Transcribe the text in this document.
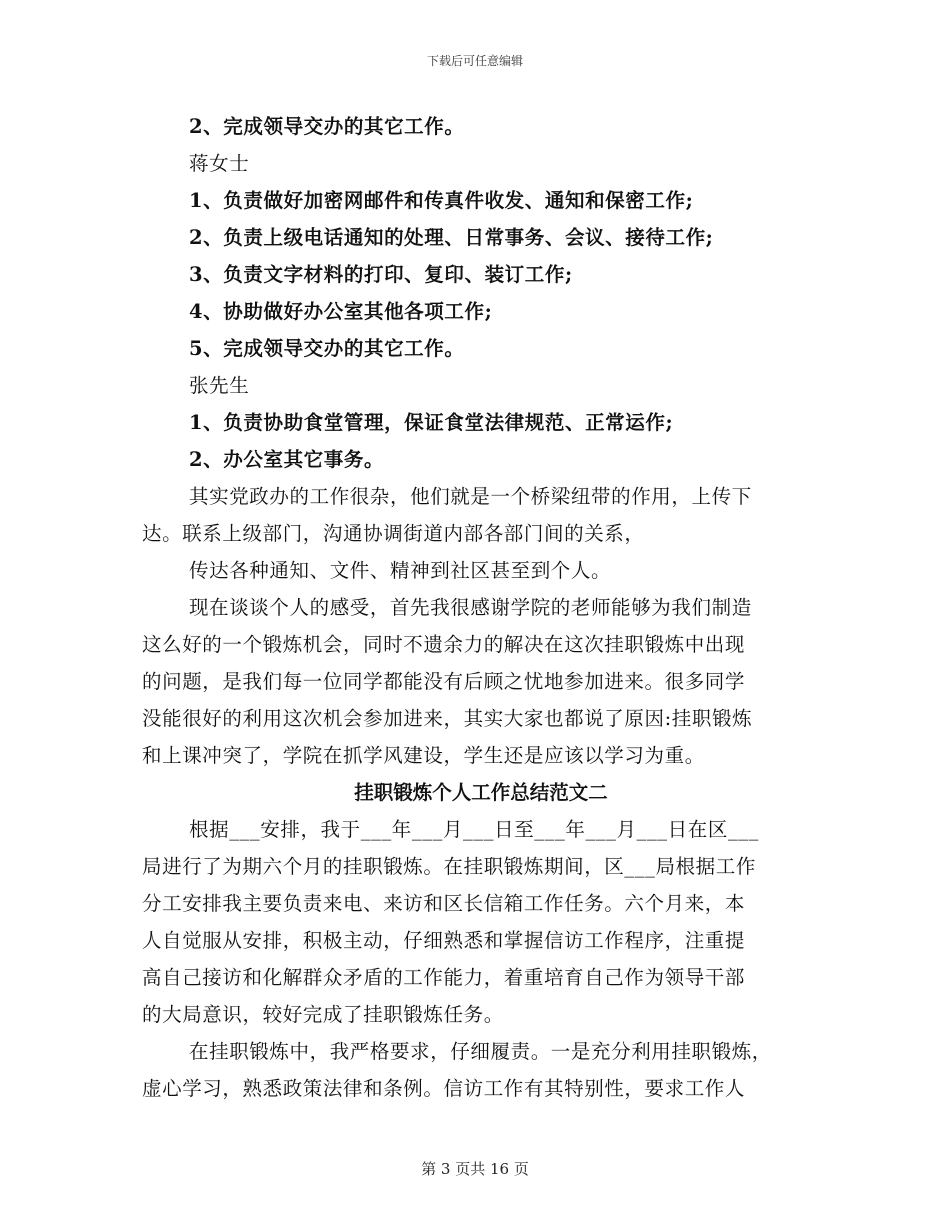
下载后可任意编辑
2、完成领导交办的其它工作。
蒋女士
1、负责做好加密网邮件和传真件收发、通知和保密工作;
2、负责上级电话通知的处理、日常事务、会议、接待工作;
3、负责文字材料的打印、复印、装订工作;
4、协助做好办公室其他各项工作;
5、完成领导交办的其它工作。
张先生
1、负责协助食堂管理，保证食堂法律规范、正常运作;
2、办公室其它事务。
其实党政办的工作很杂，他们就是一个桥梁纽带的作用，上传下
达。联系上级部门，沟通协调街道内部各部门间的关系，
传达各种通知、文件、精神到社区甚至到个人。
现在谈谈个人的感受，首先我很感谢学院的老师能够为我们制造
这么好的一个锻炼机会，同时不遗余力的解决在这次挂职锻炼中出现
的问题，是我们每一位同学都能没有后顾之忧地参加进来。很多同学
没能很好的利用这次机会参加进来，其实大家也都说了原因:挂职锻炼
和上课冲突了，学院在抓学风建设，学生还是应该以学习为重。
挂职锻炼个人工作总结范文二
根据___安排，我于___年___月___日至___年___月___日在区___
局进行了为期六个月的挂职锻炼。在挂职锻炼期间，区___局根据工作
分工安排我主要负责来电、来访和区长信箱工作任务。六个月来，本
人自觉服从安排，积极主动，仔细熟悉和掌握信访工作程序，注重提
高自己接访和化解群众矛盾的工作能力，着重培育自己作为领导干部
的大局意识，较好完成了挂职锻炼任务。
在挂职锻炼中，我严格要求，仔细履责。一是充分利用挂职锻炼，
虚心学习，熟悉政策法律和条例。信访工作有其特别性，要求工作人
第 3 页共 16 页
